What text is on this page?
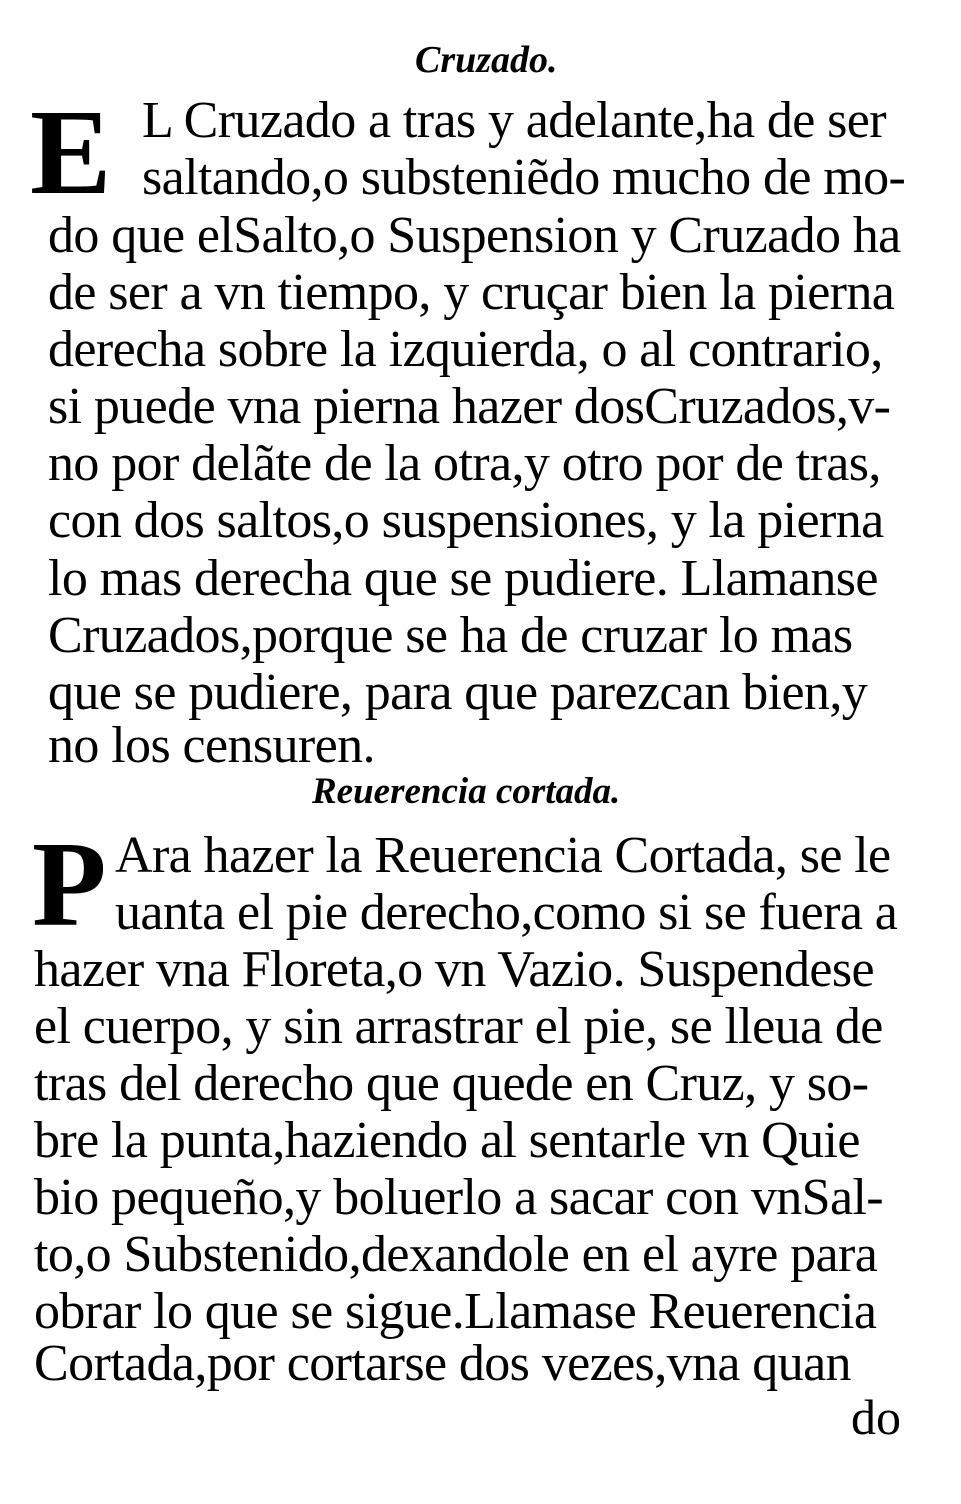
Cruzado.
E L Cruzado a tras y adelante,ha de ser
saltando,o substeniẽdo mucho de mo-
do que elSalto,o Suspension y Cruzado ha
de ser a vn tiempo, y cruçar bien la pierna
derecha sobre la izquierda, o al contrario,
si puede vna pierna hazer dosCruzados,v-
no por delãte de la otra,y otro por de tras,
con dos saltos,o suspensiones, y la pierna
lo mas derecha que se pudiere. Llamanse
Cruzados,porque se ha de cruzar lo mas
que se pudiere, para que parezcan bien,y
no los censuren.
Reuerencia cortada.
P Ara hazer la Reuerencia Cortada, se le
uanta el pie derecho,como si se fuera a
hazer vna Floreta,o vn Vazio. Suspendese
el cuerpo, y sin arrastrar el pie, se lleua de
tras del derecho que quede en Cruz, y so-
bre la punta,haziendo al sentarle vn Quie
bio pequeño,y boluerlo a sacar con vnSal-
to,o Substenido,dexandole en el ayre para
obrar lo que se sigue.Llamase Reuerencia
Cortada,por cortarse dos vezes,vna quan
do
